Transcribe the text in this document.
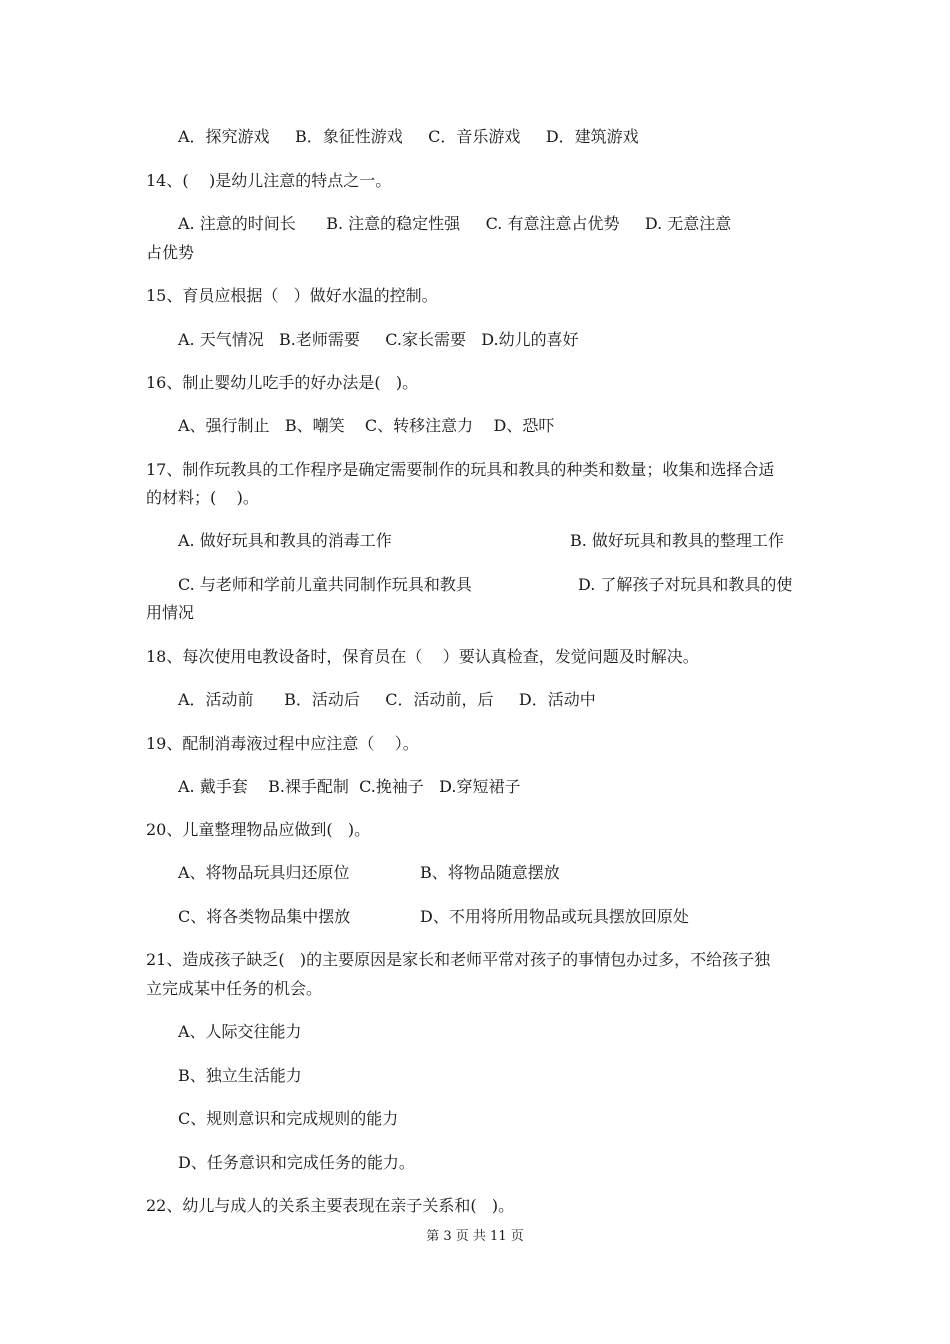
A．探究游戏     B．象征性游戏     C．音乐游戏     D．建筑游戏
14、(    )是幼儿注意的特点之一。
A. 注意的时间长      B. 注意的稳定性强     C. 有意注意占优势     D. 无意注意
占优势
15、育员应根据（   ）做好水温的控制。
A. 天气情况   B.老师需要     C.家长需要   D.幼儿的喜好
16、制止婴幼儿吃手的好办法是(   )。
A、强行制止   B、嘲笑    C、转移注意力    D、恐吓
17、制作玩教具的工作程序是确定需要制作的玩具和教具的种类和数量；收集和选择合适
的材料；(    )。
A. 做好玩具和教具的消毒工作	B. 做好玩具和教具的整理工作
C. 与老师和学前儿童共同制作玩具和教具	D. 了解孩子对玩具和教具的使
用情况
18、每次使用电教设备时，保育员在（    ）要认真检查，发觉问题及时解决。
A．活动前      B．活动后     C．活动前，后     D．活动中
19、配制消毒液过程中应注意（    ）。
A. 戴手套    B.裸手配制  C.挽袖子   D.穿短裙子
20、儿童整理物品应做到(   )。
A、将物品玩具归还原位	B、将物品随意摆放
C、将各类物品集中摆放	D、不用将所用物品或玩具摆放回原处
21、造成孩子缺乏(   )的主要原因是家长和老师平常对孩子的事情包办过多，不给孩子独
立完成某中任务的机会。
A、人际交往能力
B、独立生活能力
C、规则意识和完成规则的能力
D、任务意识和完成任务的能力。
22、幼儿与成人的关系主要表现在亲子关系和(   )。
第 3 页 共 11 页
